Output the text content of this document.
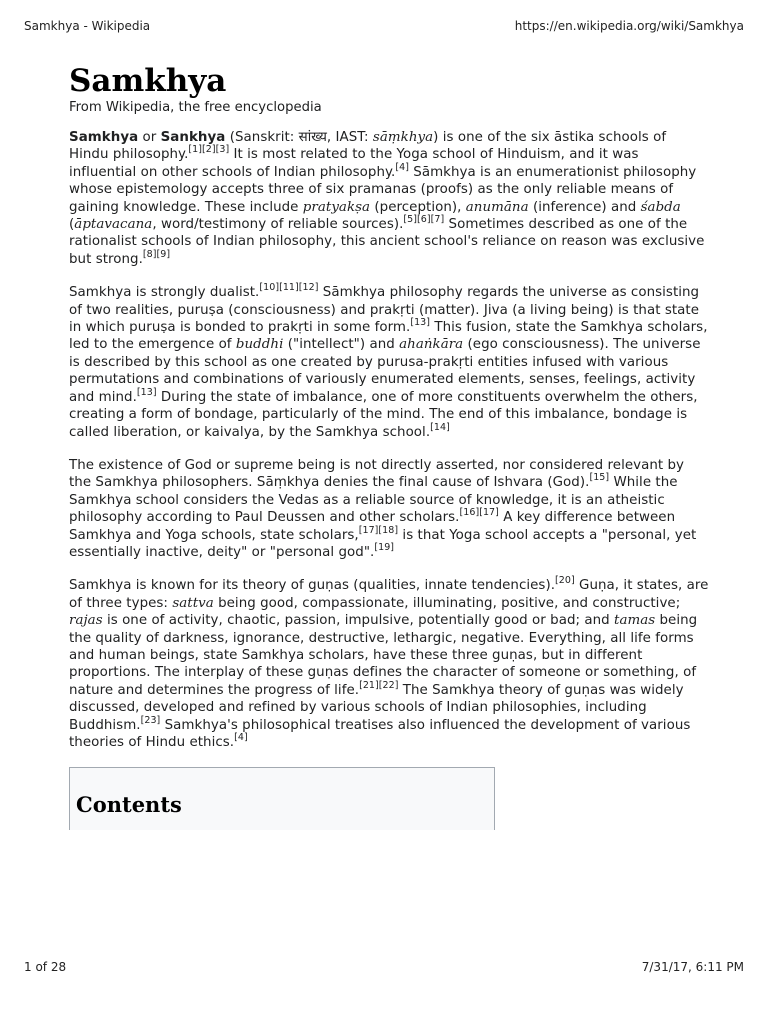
Samkhya - Wikipedia	https://en.wikipedia.org/wiki/Samkhya
Samkhya
From Wikipedia, the free encyclopedia

Samkhya or Sankhya (Sanskrit: सांख्य, IAST: sāṃkhya) is one of the six āstika schools of Hindu philosophy.[1][2][3] It is most related to the Yoga school of Hinduism, and it was influential on other schools of Indian philosophy.[4] Sāmkhya is an enumerationist philosophy whose epistemology accepts three of six pramanas (proofs) as the only reliable means of gaining knowledge. These include pratyakṣa (perception), anumāna (inference) and śabda (āptavacana, word/testimony of reliable sources).[5][6][7] Sometimes described as one of the rationalist schools of Indian philosophy, this ancient school's reliance on reason was exclusive but strong.[8][9]

Samkhya is strongly dualist.[10][11][12] Sāmkhya philosophy regards the universe as consisting of two realities, puruṣa (consciousness) and prakṛti (matter). Jiva (a living being) is that state in which puruṣa is bonded to prakṛti in some form.[13] This fusion, state the Samkhya scholars, led to the emergence of buddhi ("intellect") and ahaṅkāra (ego consciousness). The universe is described by this school as one created by purusa-prakṛti entities infused with various permutations and combinations of variously enumerated elements, senses, feelings, activity and mind.[13] During the state of imbalance, one of more constituents overwhelm the others, creating a form of bondage, particularly of the mind. The end of this imbalance, bondage is called liberation, or kaivalya, by the Samkhya school.[14]

The existence of God or supreme being is not directly asserted, nor considered relevant by the Samkhya philosophers. Sāṃkhya denies the final cause of Ishvara (God).[15] While the Samkhya school considers the Vedas as a reliable source of knowledge, it is an atheistic philosophy according to Paul Deussen and other scholars.[16][17] A key difference between Samkhya and Yoga schools, state scholars,[17][18] is that Yoga school accepts a "personal, yet essentially inactive, deity" or "personal god".[19]

Samkhya is known for its theory of guṇas (qualities, innate tendencies).[20] Guṇa, it states, are of three types: sattva being good, compassionate, illuminating, positive, and constructive; rajas is one of activity, chaotic, passion, impulsive, potentially good or bad; and tamas being the quality of darkness, ignorance, destructive, lethargic, negative. Everything, all life forms and human beings, state Samkhya scholars, have these three guṇas, but in different proportions. The interplay of these guṇas defines the character of someone or something, of nature and determines the progress of life.[21][22] The Samkhya theory of guṇas was widely discussed, developed and refined by various schools of Indian philosophies, including Buddhism.[23] Samkhya's philosophical treatises also influenced the development of various theories of Hindu ethics.[4]

Contents
1 of 28	7/31/17, 6:11 PM
